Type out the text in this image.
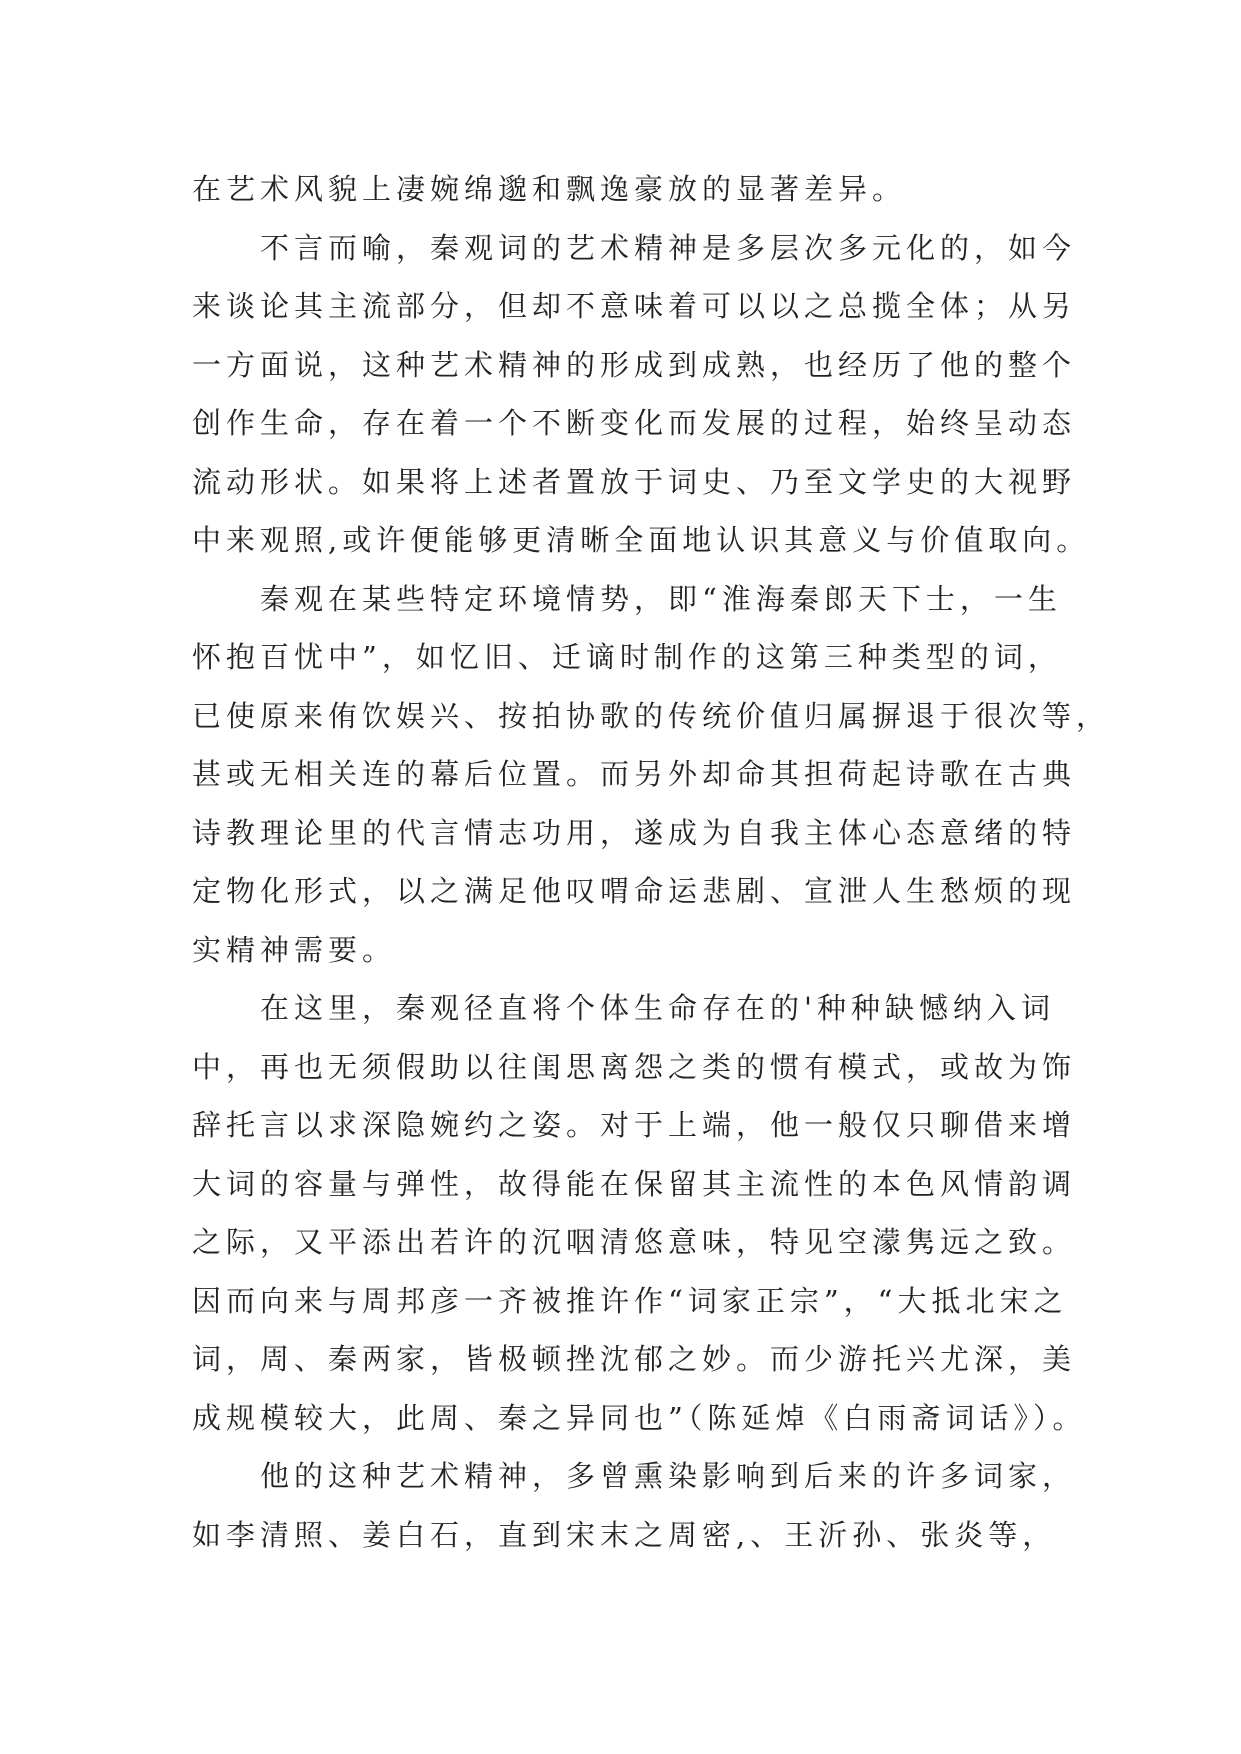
在艺术风貌上凄婉绵邈和飘逸豪放的显著差异。
不言而喻，秦观词的艺术精神是多层次多元化的，如今
来谈论其主流部分，但却不意味着可以以之总揽全体；从另
一方面说，这种艺术精神的形成到成熟，也经历了他的整个
创作生命，存在着一个不断变化而发展的过程，始终呈动态
流动形状。如果将上述者置放于词史、乃至文学史的大视野
中来观照,或许便能够更清晰全面地认识其意义与价值取向。
秦观在某些特定环境情势，即“淮海秦郎天下士，一生
怀抱百忧中”，如忆旧、迁谪时制作的这第三种类型的词，
已使原来侑饮娱兴、按拍协歌的传统价值归属摒退于很次等，
甚或无相关连的幕后位置。而另外却命其担荷起诗歌在古典
诗教理论里的代言情志功用，遂成为自我主体心态意绪的特
定物化形式，以之满足他叹喟命运悲剧、宣泄人生愁烦的现
实精神需要。
在这里，秦观径直将个体生命存在的'种种缺憾纳入词
中，再也无须假助以往闺思离怨之类的惯有模式，或故为饰
辞托言以求深隐婉约之姿。对于上端，他一般仅只聊借来增
大词的容量与弹性，故得能在保留其主流性的本色风情韵调
之际，又平添出若许的沉咽清悠意味，特见空濛隽远之致。
因而向来与周邦彦一齐被推许作“词家正宗”，“大抵北宋之
词，周、秦两家，皆极顿挫沈郁之妙。而少游托兴尤深，美
成规模较大，此周、秦之异同也”（陈延焯《白雨斋词话》）。
他的这种艺术精神，多曾熏染影响到后来的许多词家，
如李清照、姜白石，直到宋末之周密,、王沂孙、张炎等，
